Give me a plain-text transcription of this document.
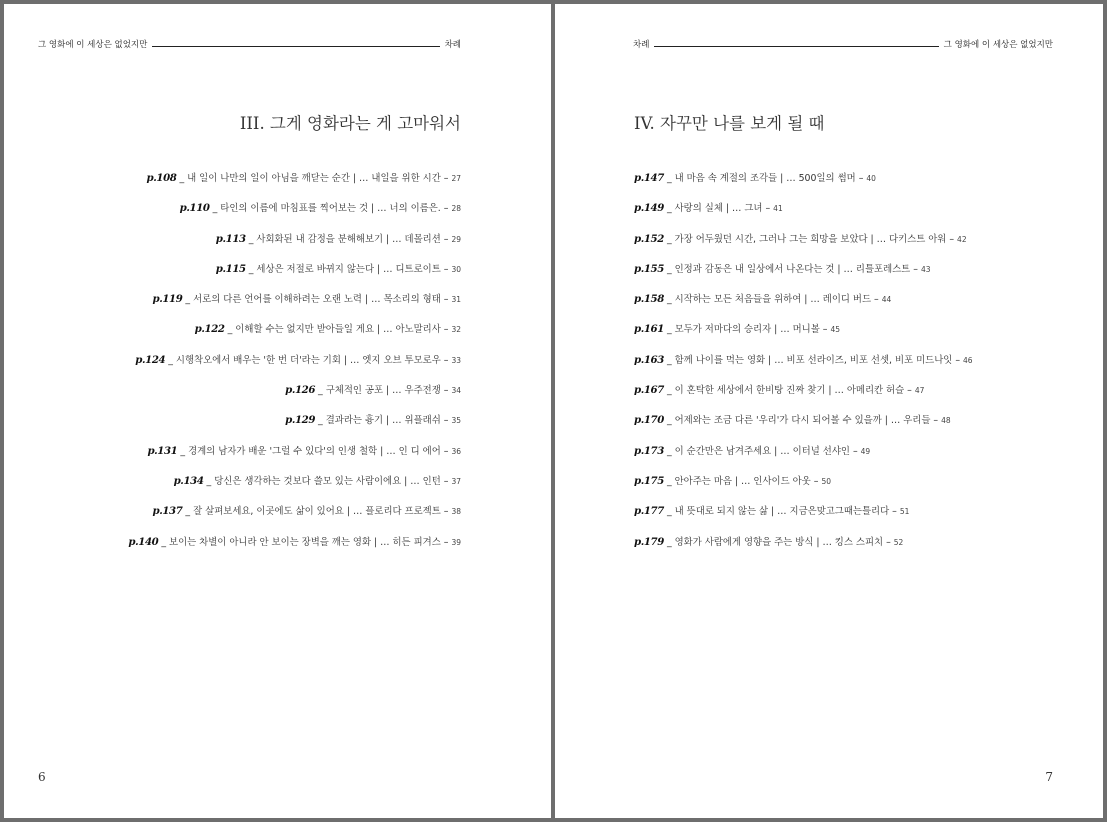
그 영화에 이 세상은 없었지만	차례
III. 그게 영화라는 게 고마워서
p.108 _ 내 일이 나만의 일이 아님을 깨닫는 순간 | … 내일을 위한 시간 – 27
p.110 _ 타인의 이름에 마침표를 찍어보는 것 | … 너의 이름은. – 28
p.113 _ 사회화된 내 감정을 분해해보기 | … 데몰리션 – 29
p.115 _ 세상은 저절로 바뀌지 않는다 | … 디트로이트 – 30
p.119 _ 서로의 다른 언어를 이해하려는 오랜 노력 | … 목소리의 형태 – 31
p.122 _ 이해할 수는 없지만 받아들일 게요 | … 아노말리사 – 32
p.124 _ 시행착오에서 배우는 '한 번 더'라는 기회 | … 엣지 오브 투모로우 – 33
p.126 _ 구체적인 공포 | … 우주전쟁 – 34
p.129 _ 결과라는 흉기 | … 위플래쉬 – 35
p.131 _ 경계의 남자가 배운 '그럴 수 있다'의 인생 철학 | … 인 디 에어 – 36
p.134 _ 당신은 생각하는 것보다 쓸모 있는 사람이에요 | … 인턴 – 37
p.137 _ 잘 살펴보세요, 이곳에도 삶이 있어요 | … 플로리다 프로젝트 – 38
p.140 _ 보이는 차별이 아니라 안 보이는 장벽을 깨는 영화 | … 히든 피겨스 – 39
6
차례	그 영화에 이 세상은 없었지만
IV. 자꾸만 나를 보게 될 때
p.147 _ 내 마음 속 계절의 조각들 | … 500일의 썸머 – 40
p.149 _ 사랑의 실체 | … 그녀 – 41
p.152 _ 가장 어두웠던 시간, 그러나 그는 희망을 보았다 | … 다키스트 아워 – 42
p.155 _ 인정과 감동은 내 일상에서 나온다는 것 | … 리틀포레스트 – 43
p.158 _ 시작하는 모든 처음들을 위하여 | … 레이디 버드 – 44
p.161 _ 모두가 저마다의 승리자 | … 머니볼 – 45
p.163 _ 함께 나이를 먹는 영화 | … 비포 선라이즈, 비포 선셋, 비포 미드나잇 – 46
p.167 _ 이 혼탁한 세상에서 한비탕 진짜 찾기 | … 아메리칸 허슬 – 47
p.170 _ 어제와는 조금 다른 '우리'가 다시 되어볼 수 있을까 | … 우리들 – 48
p.173 _ 이 순간만은 남겨주세요 | … 이터널 선샤인 – 49
p.175 _ 안아주는 마음 | … 인사이드 아웃 – 50
p.177 _ 내 뜻대로 되지 않는 삶 | … 지금은맞고그때는틀리다 – 51
p.179 _ 영화가 사람에게 영향을 주는 방식 | … 킹스 스피치 – 52
7
